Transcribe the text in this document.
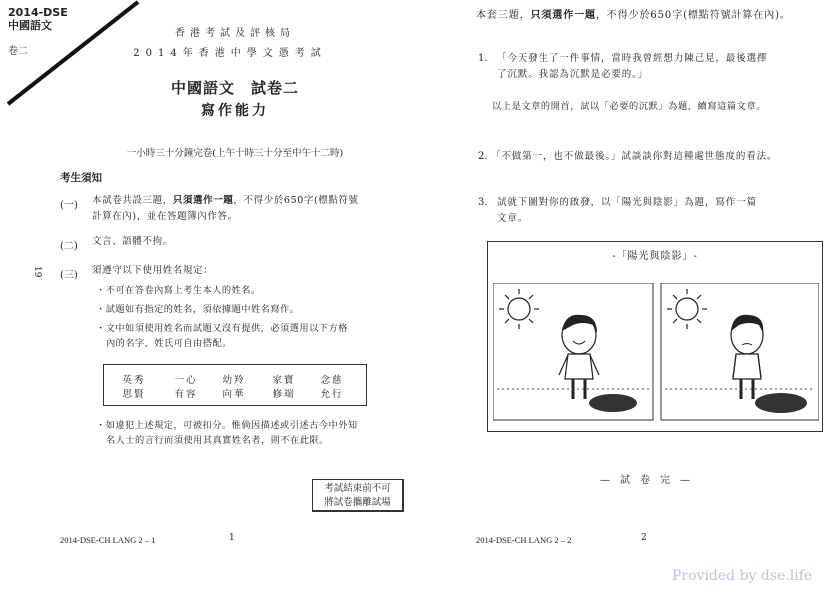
2014-DSE
中國語文
卷二
香港考試及評核局
2014年香港中學文憑考試
中國語文　試卷二
寫作能力
一小時三十分鐘完卷(上午十時三十分至中午十二時)
考生須知
(一) 本試卷共設三題，只須選作一題，不得少於650字(標點符號
計算在內)，並在答題簿內作答。
(二) 文言、語體不拘。
(三) 須遵守以下使用姓名規定：
19
・不可在答卷內寫上考生本人的姓名。
・試題如有指定的姓名，須依據題中姓名寫作。
・文中如須使用姓名而試題又沒有提供，必須選用以下方格
內的名字，姓氏可自由搭配。
英秀	一心	幼羚	家寶	念慈
思賢	有容	向華	修端	允行
・如違犯上述規定，可被扣分。惟倘因描述或引述古今中外知
名人士的言行而須使用其真實姓名者，則不在此限。
考試結束前不可
將試卷攜離試場
2014-DSE-CH LANG 2 – 1	1
本套三題，只須選作一題，不得少於650字(標點符號計算在內)。
1. 「今天發生了一件事情，當時我曾經想力陳己見，最後選擇
了沉默。我認為沉默是必要的。」
以上是文章的開首，試以「必要的沉默」為題，續寫這篇文章。
2. 「不做第一，也不做最後。」試談談你對這種處世態度的看法。
3. 試就下圖對你的啟發，以「陽光與陰影」為題，寫作一篇
文章。
-「陽光與陰影」-
—試卷完—
2014-DSE-CH LANG 2 – 2	2
Provided by dse.life
